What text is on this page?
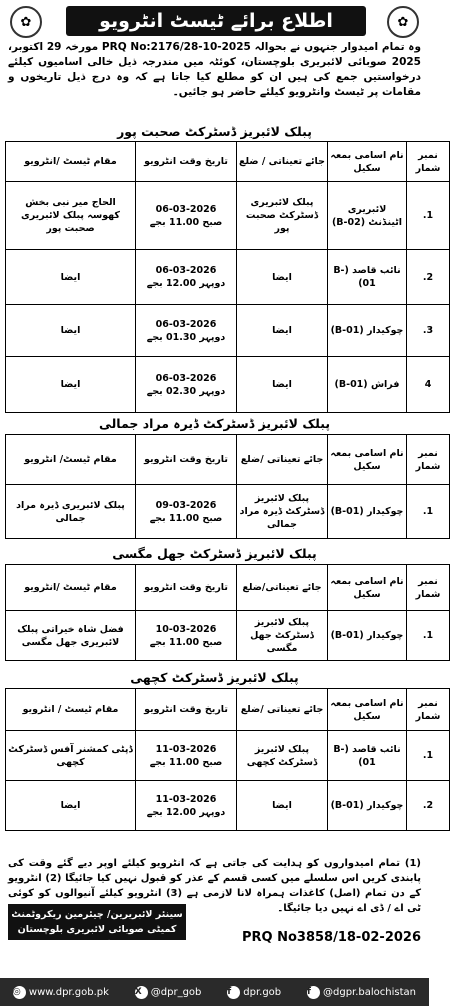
✿	اطلاع برائے ٹیسٹ انٹرویو	✿
وہ تمام امیدوار جنہوں نے بحوالہ PRQ No:2176/28-10-2025 مورخہ 29 اکتوبر، 2025 صوبائی لائبریری بلوچستان، کوئٹہ میں مندرجہ ذیل خالی اسامیوں کیلئے درخواستیں جمع کی ہیں ان کو مطلع کیا جاتا ہے کہ وہ درج ذیل تاریخوں و مقامات پر ٹیسٹ وانٹرویو کیلئے حاضر ہو جائیں۔
پبلک لائبریز ڈسٹرکٹ صحبت پور
نمبر شمار	نام اسامی بمعہ سکیل	جائے تعیناتی / ضلع	تاریخ وقت انٹرویو	مقام ٹیسٹ /انٹرویو
1.	لائبریری اٹینڈنٹ (B-02)	پبلک لائبریری ڈسٹرکٹ صحبت پور	06-03-2026
صبح 11.00 بجے	الحاج میر نبی بخش کھوسہ پبلک لائبریری صحبت پور
2.	نائب قاصد (B-01)	ایضا	06-03-2026
دوپہر 12.00 بجے	ایضا
3.	چوکیدار (B-01)	ایضا	06-03-2026
دوپہر 01.30 بجے	ایضا
4	فراش (B-01)	ایضا	06-03-2026
دوپہر 02.30 بجے	ایضا
پبلک لائبریز ڈسٹرکٹ ڈیرہ مراد جمالی
نمبر شمار	نام اسامی بمعہ سکیل	جائے تعیناتی /ضلع	تاریخ وقت انٹرویو	مقام ٹیسٹ/ انٹرویو
1.	چوکیدار (B-01)	پبلک لائبریز ڈسٹرکٹ ڈیرہ مراد جمالی	09-03-2026
صبح 11.00 بجے	پبلک لائبریری ڈیرہ مراد جمالی
پبلک لائبریز ڈسٹرکٹ جھل مگسی
نمبر شمار	نام اسامی بمعہ سکیل	جائے تعیناتی/ضلع	تاریخ وقت انٹرویو	مقام ٹیسٹ /انٹرویو
1.	چوکیدار (B-01)	پبلک لائبریز ڈسٹرکٹ جھل مگسی	10-03-2026
صبح 11.00 بجے	فضل شاہ خیراتی پبلک لائبریری جھل مگسی
پبلک لائبریز ڈسٹرکٹ کچھی
نمبر شمار	نام اسامی بمعہ سکیل	جائے تعیناتی /ضلع	تاریخ وقت انٹرویو	مقام ٹیسٹ / انٹرویو
1.	نائب قاصد (B-01)	پبلک لائبریز ڈسٹرکٹ کچھی	11-03-2026
صبح 11.00 بجے	ڈپٹی کمشنر آفس ڈسٹرکٹ کچھی
2.	چوکیدار (B-01)	ایضا	11-03-2026
دوپہر 12.00 بجے	ایضا
(1) تمام امیدواروں کو ہدایت کی جاتی ہے کہ انٹرویو کیلئے اوپر دیے گئے وقت کی پابندی کریں اس سلسلے میں کسی قسم کے عذر کو قبول نہیں کیا جائیگا (2) انٹرویو کے دن تمام (اصل) کاغذات ہمراہ لانا لازمی ہے (3) انٹرویو کیلئے آنیوالوں کو کوئی ٹی اے / ڈی اے نہیں دیا جائیگا۔
سینئر لائبریرین/ چیئرمین ریکروٹمنٹ
کمیٹی صوبائی لائبریری بلوچستان کوئٹہ	PRQ No3858/18-02-2026
◎ www.dpr.gob.pk	X @dpr_gob	f	dpr.gob	f	@dgpr.balochistan
